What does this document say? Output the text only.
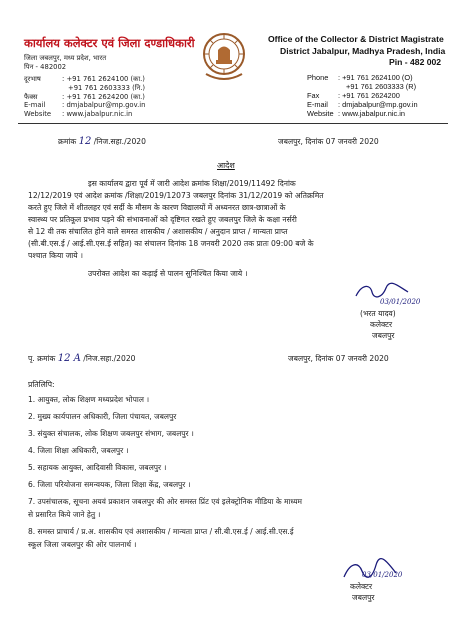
कार्यालय कलेक्टर एवं जिला दण्डाधिकारी
जिला जबलपुर, मध्य प्रदेश, भारत
पिन - 482002
दूरभाष	: +91 761 2624100 (का.)
+91 761 2603333 (नि.)
फैक्स	: +91 761 2624200 (का.)
E-mail : dmjabalpur@mp.gov.in
Website : www.jabalpur.nic.in
Office of the Collector & District Magistrate
District Jabalpur, Madhya Pradesh, India
Pin - 482 002
Phone : +91 761 2624100 (O)
+91 761 2603333 (R)
Fax	: +91 761 2624200
E-mail : dmjabalpur@mp.gov.in
Website : www.jabalpur.nic.in
क्रमांक 12 /निज.सहा./2020	जबलपुर, दिनांक 07 जनवरी 2020
आदेश
इस कार्यालय द्वारा पूर्व में जारी आदेश क्रमांक शिक्षा/2019/11492 दिनांक
12/12/2019 एवं आदेश क्रमांक /शिक्षा/2019/12073 जबलपुर दिनांक 31/12/2019 को अतिक्रमित
करते हुए जिले में शीतलहर एवं सर्दी के मौसम के कारण विद्यालयों में अध्यनरत छात्र-छात्राओं के
स्वास्थ्य पर प्रतिकूल प्रभाव पड़ने की संभावनाओं को दृष्टिगत रखते हुए जबलपुर जिले के कक्षा नर्सरी
से 12 वी तक संचालित होने वाले समस्त शासकीय / अशासकीय / अनुदान प्राप्त / मान्यता प्राप्त
(सी.बी.एस.ई / आई.सी.एस.ई सहित) का संचालन दिनांक 18 जनवरी 2020 तक प्रातः 09:00 बजे के
पश्चात किया जाये ।
उपरोक्त आदेश का कड़ाई से पालन सुनिश्चित किया जाये ।
03/01/2020
(भरत यादव)
कलेक्टर
जबलपुर
पृ. क्रमांक 12 A /निज.सहा./2020	जबलपुर, दिनांक 07 जनवरी 2020
प्रतिलिपि:
1. आयुक्त, लोक शिक्षण मध्यप्रदेश भोपाल ।
2. मुख्य कार्यपालन अधिकारी, जिला पंचायत, जबलपुर
3. संयुक्त संचालक, लोक शिक्षण जबलपुर संभाग, जबलपुर ।
4. जिला शिक्षा अधिकारी, जबलपुर ।
5. सहायक आयुक्त, आदिवासी विकास, जबलपुर ।
6. जिला परियोजना समन्वयक, जिला शिक्षा केंद्र, जबलपुर ।
7. उपसंचालक, सूचना अयवं प्रकाशन जबलपुर की ओर समस्त प्रिंट एवं इलेक्ट्रोनिक मीडिया के माध्यम
से प्रसारित किये जाने हेतु ।
8. समस्त प्राचार्य / प्र.अ. शासकीय एवं अशासकीय / मान्यता प्राप्त / सी.बी.एस.ई / आई.सी.एस.ई
स्कूल जिला जबलपुर की ओर पालनार्थ ।
03/01/2020
कलेक्टर
जबलपुर
